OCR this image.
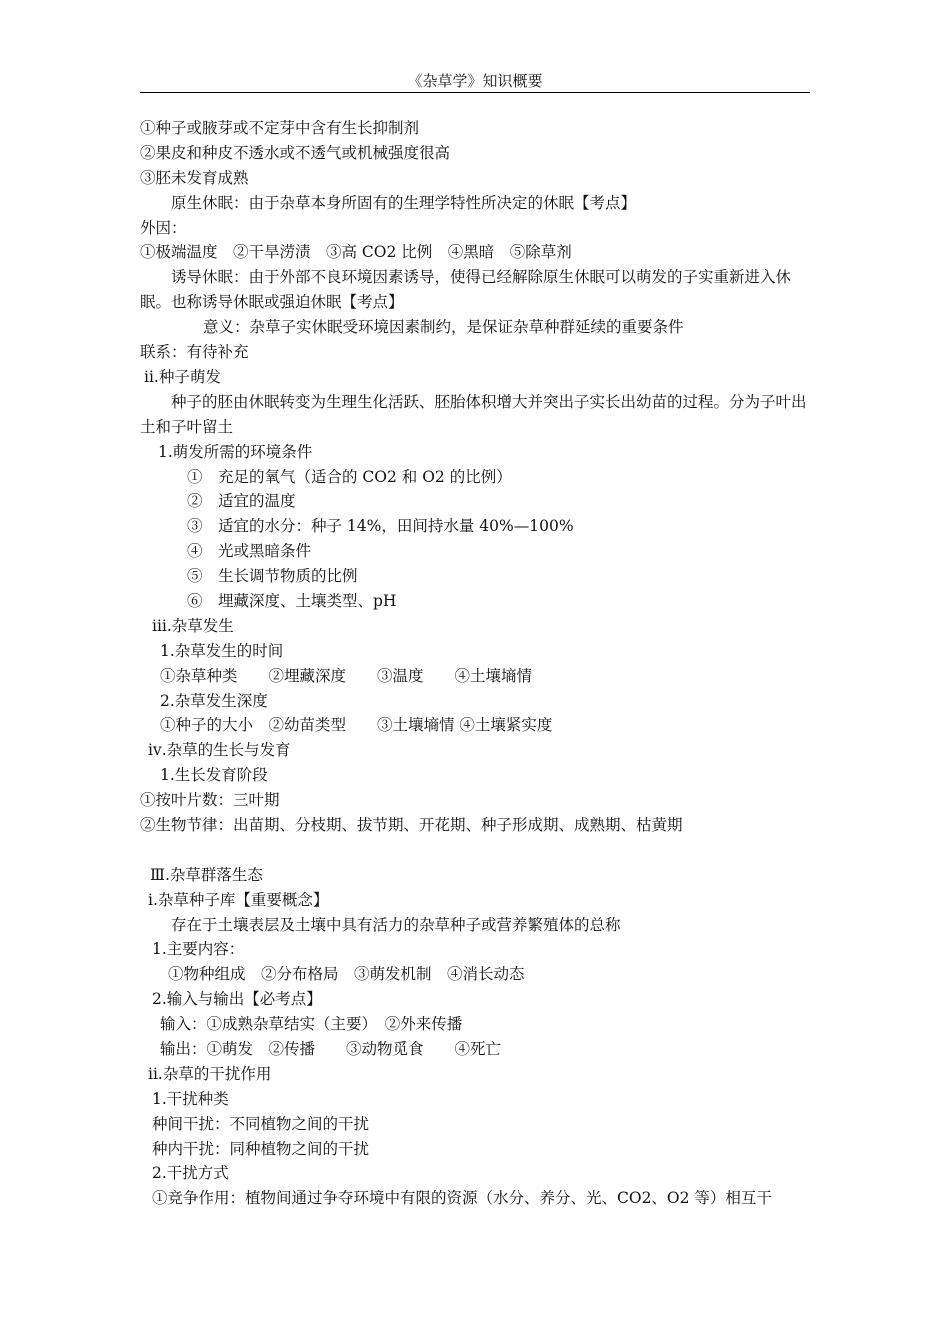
《杂草学》知识概要
①种子或腋芽或不定芽中含有生长抑制剂
②果皮和种皮不透水或不透气或机械强度很高
③胚未发育成熟
原生休眠：由于杂草本身所固有的生理学特性所决定的休眠【考点】
外因：
①极端温度　②干旱涝渍　③高 CO2 比例　④黑暗　⑤除草剂
诱导休眠：由于外部不良环境因素诱导，使得已经解除原生休眠可以萌发的子实重新进入休眠。也称诱导休眠或强迫休眠【考点】
意义：杂草子实休眠受环境因素制约，是保证杂草种群延续的重要条件
联系：有待补充
ⅱ.种子萌发
种子的胚由休眠转变为生理生化活跃、胚胎体积增大并突出子实长出幼苗的过程。分为子叶出土和子叶留土
1.萌发所需的环境条件
①　充足的氧气（适合的 CO2 和 O2 的比例）
②　适宜的温度
③　适宜的水分：种子 14%，田间持水量 40%—100%
④　光或黑暗条件
⑤　生长调节物质的比例
⑥　埋藏深度、土壤类型、pH
ⅲ.杂草发生
1.杂草发生的时间
①杂草种类　　②埋藏深度　　③温度　　④土壤墒情
2.杂草发生深度
①种子的大小　②幼苗类型　　③土壤墒情 ④土壤紧实度
ⅳ.杂草的生长与发育
1.生长发育阶段
①按叶片数：三叶期
②生物节律：出苗期、分枝期、拔节期、开花期、种子形成期、成熟期、枯黄期
Ⅲ.杂草群落生态
ⅰ.杂草种子库【重要概念】
存在于土壤表层及土壤中具有活力的杂草种子或营养繁殖体的总称
1.主要内容：
①物种组成　②分布格局　③萌发机制　④消长动态
2.输入与输出【必考点】
输入：①成熟杂草结实（主要）　②外来传播
输出：①萌发　②传播　　③动物觅食　　④死亡
ⅱ.杂草的干扰作用
1.干扰种类
种间干扰：不同植物之间的干扰
种内干扰：同种植物之间的干扰
2.干扰方式
①竞争作用：植物间通过争夺环境中有限的资源（水分、养分、光、CO2、O2 等）相互干
